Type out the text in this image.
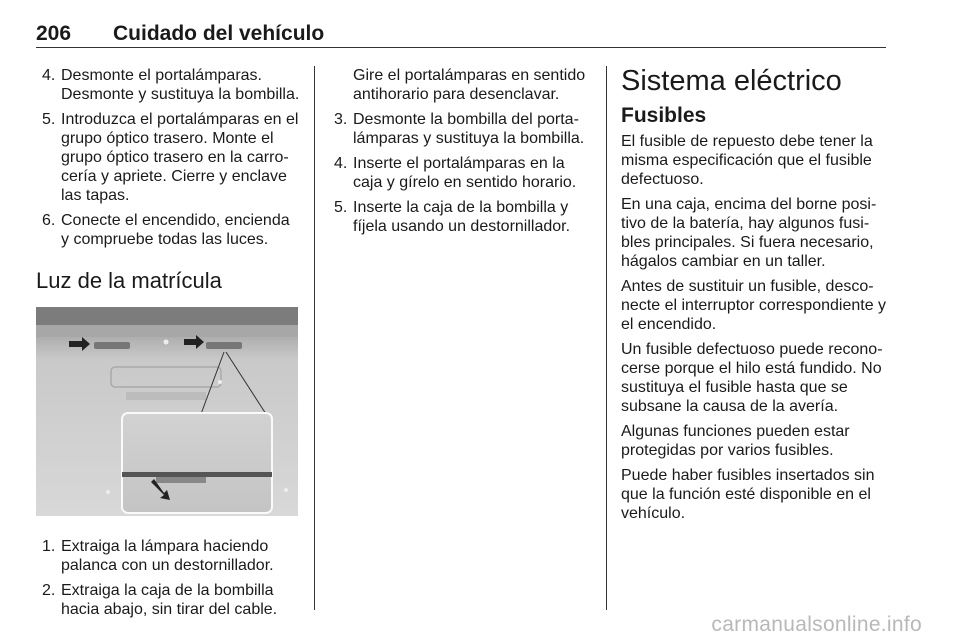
206 Cuidado del vehículo
4. Desmonte el portalámparas. Desmonte y sustituya la bombilla.
5. Introduzca el portalámparas en el grupo óptico trasero. Monte el grupo óptico trasero en la carrocería y apriete. Cierre y enclave las tapas.
6. Conecte el encendido, encienda y compruebe todas las luces.
Luz de la matrícula
1. Extraiga la lámpara haciendo palanca con un destornillador.
2. Extraiga la caja de la bombilla hacia abajo, sin tirar del cable.

Gire el portalámparas en sentido antihorario para desenclavar.

3. Desmonte la bombilla del portalámparas y sustituya la bombilla.
4. Inserte el portalámparas en la caja y gírelo en sentido horario.
5. Inserte la caja de la bombilla y fíjela usando un destornillador.
Sistema eléctrico
Fusibles

El fusible de repuesto debe tener la misma especificación que el fusible defectuoso.

En una caja, encima del borne positivo de la batería, hay algunos fusibles principales. Si fuera necesario, hágalos cambiar en un taller.

Antes de sustituir un fusible, desconecte el interruptor correspondiente y el encendido.

Un fusible defectuoso puede reconocerse porque el hilo está fundido. No sustituya el fusible hasta que se subsane la causa de la avería.

Algunas funciones pueden estar protegidas por varios fusibles.

Puede haber fusibles insertados sin que la función esté disponible en el vehículo.

carmanualsonline.info
